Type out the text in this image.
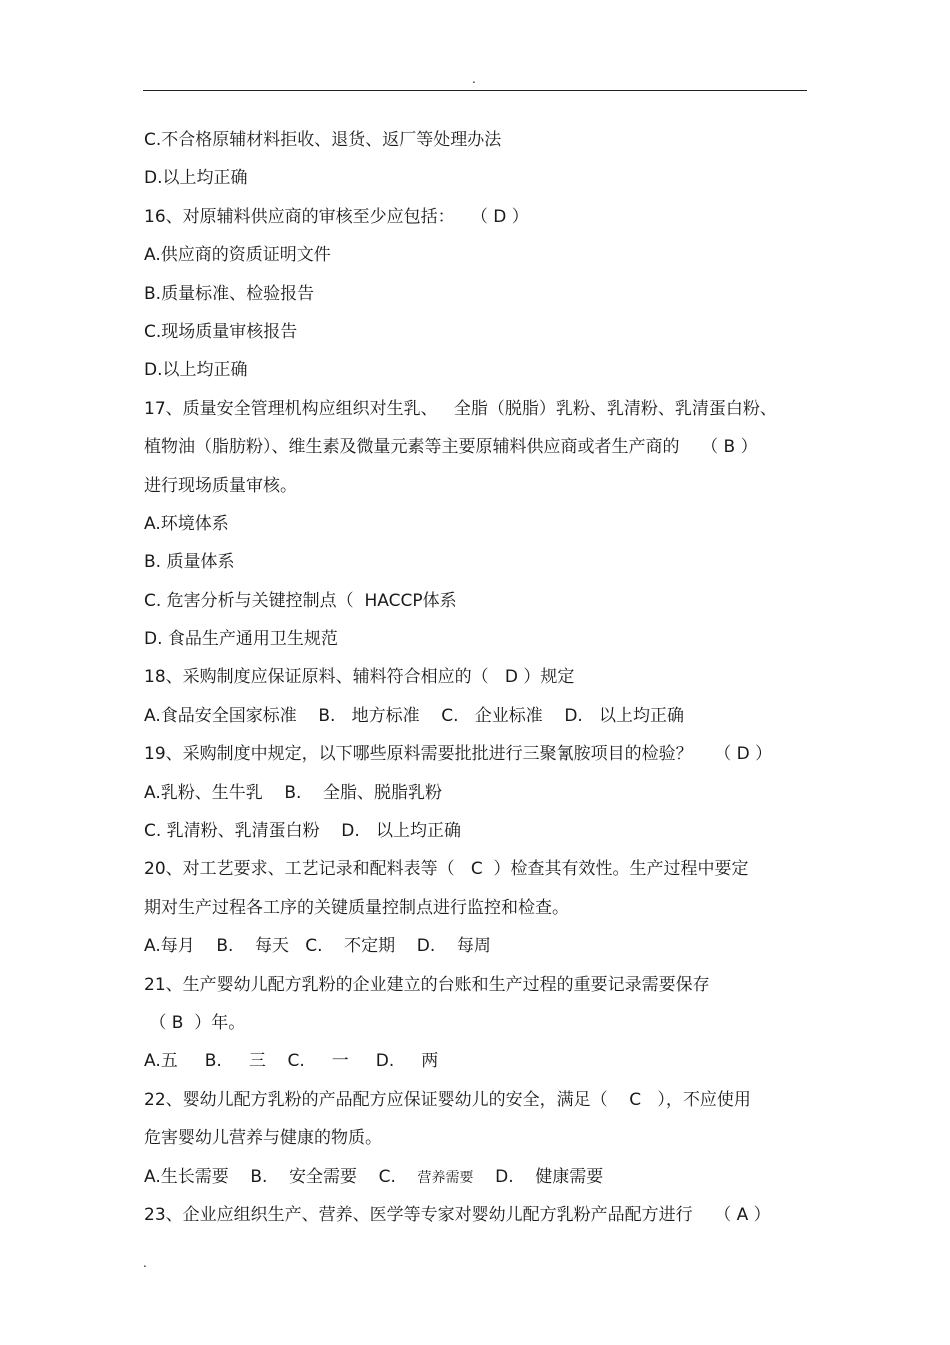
.
C.不合格原辅材料拒收、退货、返厂等处理办法
D.以上均正确
16、对原辅料供应商的审核至少应包括：   （ D ）
A.供应商的资质证明文件
B.质量标准、检验报告
C.现场质量审核报告
D.以上均正确
17、质量安全管理机构应组织对生乳、   全脂（脱脂）乳粉、乳清粉、乳清蛋白粉、
植物油（脂肪粉）、维生素及微量元素等主要原辅料供应商或者生产商的    （ B ）
进行现场质量审核。
A.环境体系
B. 质量体系
C. 危害分析与关键控制点（  HACCP体系
D. 食品生产通用卫生规范
18、采购制度应保证原料、辅料符合相应的（   D ）规定
A.食品安全国家标准    B.   地方标准    C.   企业标准    D.   以上均正确
19、采购制度中规定，以下哪些原料需要批批进行三聚氰胺项目的检验？    （ D ）
A.乳粉、生牛乳    B.    全脂、脱脂乳粉
C. 乳清粉、乳清蛋白粉    D.   以上均正确
20、对工艺要求、工艺记录和配料表等（   C  ）检查其有效性。生产过程中要定
期对生产过程各工序的关键质量控制点进行监控和检查。
A.每月    B.    每天   C.    不定期    D.    每周
21、生产婴幼儿配方乳粉的企业建立的台账和生产过程的重要记录需要保存
（ B  ）年。
A.五     B.     三    C.     一     D.     两
22、婴幼儿配方乳粉的产品配方应保证婴幼儿的安全，满足（    C   ），不应使用
危害婴幼儿营养与健康的物质。
A.生长需要    B.    安全需要    C.    营养需要    D.    健康需要
23、企业应组织生产、营养、医学等专家对婴幼儿配方乳粉产品配方进行    （ A ）
.
